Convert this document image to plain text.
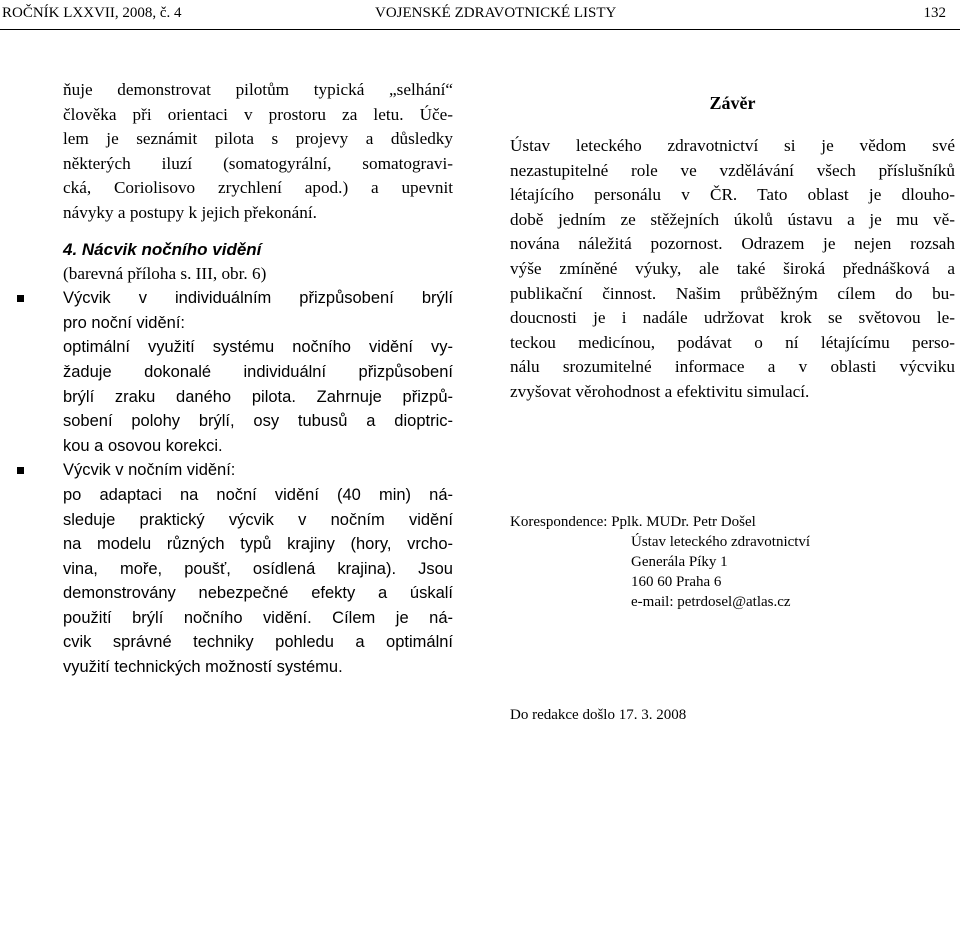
ROČNÍK LXXVII, 2008, č. 4	VOJENSKÉ ZDRAVOTNICKÉ LISTY	132
ňuje demonstrovat pilotům typická „selhání“
člověka při orientaci v prostoru za letu. Úče-
lem je seznámit pilota s projevy a důsledky
některých iluzí (somatogyrální, somatogravi-
cká, Coriolisovo zrychlení apod.) a upevnit
návyky a postupy k jejich překonání.
4. Nácvik nočního vidění
(barevná příloha s. III, obr. 6)
Výcvik v individuálním přizpůsobení brýlí
pro noční vidění:
optimální využití systému nočního vidění vy-
žaduje dokonalé individuální přizpůsobení
brýlí zraku daného pilota. Zahrnuje přizpů-
sobení polohy brýlí, osy tubusů a dioptric-
kou a osovou korekci.
Výcvik v nočním vidění:
po adaptaci na noční vidění (40 min) ná-
sleduje praktický výcvik v nočním vidění
na modelu různých typů krajiny (hory, vrcho-
vina, moře, poušť, osídlená krajina). Jsou
demonstrovány nebezpečné efekty a úskalí
použití brýlí nočního vidění. Cílem je ná-
cvik správné techniky pohledu a optimální
využití technických možností systému.
Závěr
Ústav leteckého zdravotnictví si je vědom své
nezastupitelné role ve vzdělávání všech příslušníků
létajícího personálu v ČR. Tato oblast je dlouho-
době jedním ze stěžejních úkolů ústavu a je mu vě-
nována náležitá pozornost. Odrazem je nejen rozsah
výše zmíněné výuky, ale také široká přednášková a
publikační činnost. Našim průběžným cílem do bu-
doucnosti je i nadále udržovat krok se světovou le-
teckou medicínou, podávat o ní létajícímu perso-
nálu srozumitelné informace a v oblasti výcviku
zvyšovat věrohodnost a efektivitu simulací.
Korespondence: Pplk. MUDr. Petr Došel
Ústav leteckého zdravotnictví
Generála Píky 1
160 60 Praha 6
e-mail: petrdosel@atlas.cz
Do redakce došlo 17. 3. 2008
